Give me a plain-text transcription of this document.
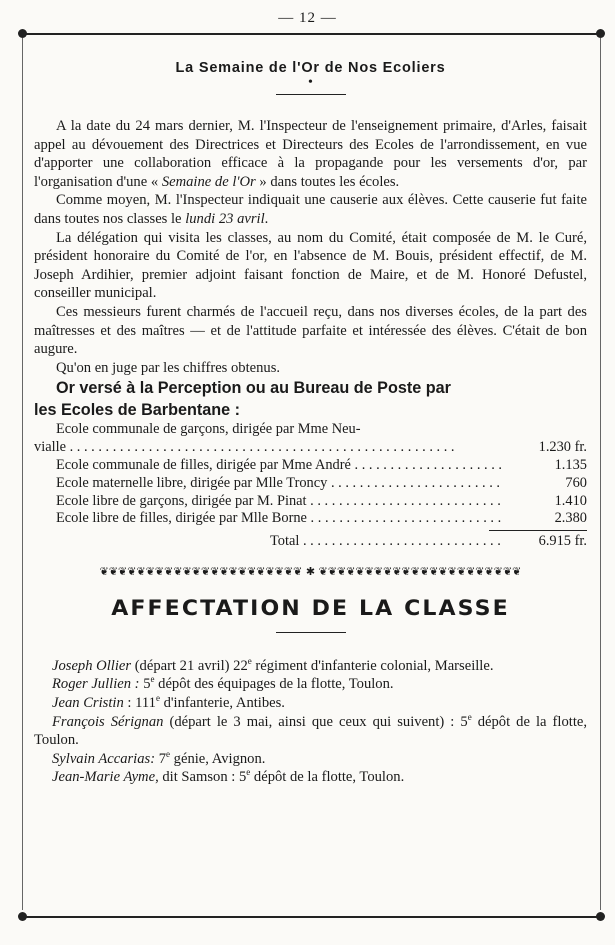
— 12 —
La Semaine de l'Or de Nos Ecoliers
•

A la date du 24 mars dernier, M. l'Inspecteur de l'enseignement primaire, d'Arles, faisait appel au dévouement des Directrices et Directeurs des Ecoles de l'arrondissement, en vue d'apporter une collaboration efficace à la propagande pour les versements d'or, par l'organisation d'une « Semaine de l'Or » dans toutes les écoles.

Comme moyen, M. l'Inspecteur indiquait une causerie aux élèves. Cette causerie fut faite dans toutes nos classes le lundi 23 avril.

La délégation qui visita les classes, au nom du Comité, était composée de M. le Curé, président honoraire du Comité de l'or, en l'absence de M. Bouis, président effectif, de M. Joseph Ardihier, premier adjoint faisant fonction de Maire, et de M. Honoré Defustel, conseiller municipal.

Ces messieurs furent charmés de l'accueil reçu, dans nos diverses écoles, de la part des maîtresses et des maîtres — et de l'attitude parfaite et intéressée des élèves. C'était de bon augure.

Qu'on en juge par les chiffres obtenus.

Or versé à la Perception ou au Bureau de Poste par
les Ecoles de Barbentane :
Ecole communale de garçons, dirigée par Mme Neu-
vialle . . .	1.230 fr.
Ecole communale de filles, dirigée par Mme André . . .	1.135
Ecole maternelle libre, dirigée par Mlle Troncy . . .	760
Ecole libre de garçons, dirigée par M. Pinat . . .	1.410
Ecole libre de filles, dirigée par Mlle Borne . . .	2.380
Total . . .	6.915 fr.
❦❦❦❦❦❦❦❦❦❦❦❦❦❦❦❦❦❦❦❦❦❦ ✱ ❦❦❦❦❦❦❦❦❦❦❦❦❦❦❦❦❦❦❦❦❦❦
AFFECTATION DE LA CLASSE

Joseph Ollier (départ 21 avril) 22e régiment d'infanterie colonial, Marseille.

Roger Jullien : 5e dépôt des équipages de la flotte, Toulon.

Jean Cristin : 111e d'infanterie, Antibes.

François Sérignan (départ le 3 mai, ainsi que ceux qui suivent) : 5e dépôt de la flotte, Toulon.

Sylvain Accarias: 7e génie, Avignon.

Jean-Marie Ayme, dit Samson : 5e dépôt de la flotte, Toulon.
